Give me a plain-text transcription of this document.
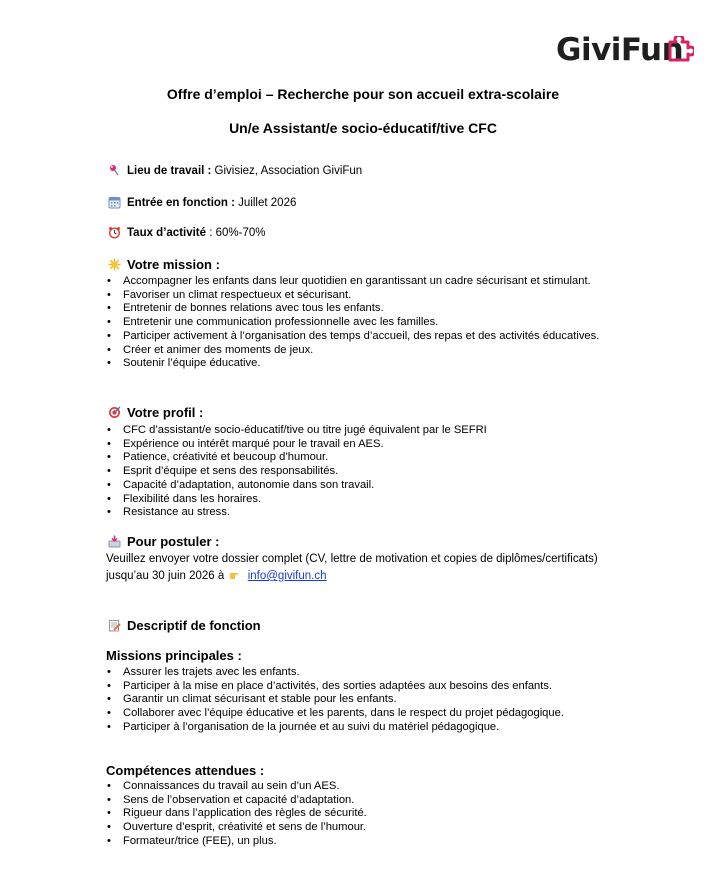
GiviFun
Offre d’emploi – Recherche pour son accueil extra-scolaire
Un/e Assistant/e socio-éducatif/tive CFC
Lieu de travail : Givisiez, Association GiviFun
Entrée en fonction : Juillet 2026
Taux d’activité : 60%-70%
Votre mission :
• Accompagner les enfants dans leur quotidien en garantissant un cadre sécurisant et stimulant.
• Favoriser un climat respectueux et sécurisant.
• Entretenir de bonnes relations avec tous les enfants.
• Entretenir une communication professionnelle avec les familles.
• Participer activement à l’organisation des temps d’accueil, des repas et des activités éducatives.
• Créer et animer des moments de jeux.
• Soutenir l’équipe éducative.
Votre profil :
• CFC d’assistant/e socio-éducatif/tive ou titre jugé équivalent par le SEFRI
• Expérience ou intérêt marqué pour le travail en AES.
• Patience, créativité et beucoup d’humour.
• Esprit d’équipe et sens des responsabilités.
• Capacité d’adaptation, autonomie dans son travail.
• Flexibilité dans les horaires.
• Resistance au stress.
Pour postuler :
Veuillez envoyer votre dossier complet (CV, lettre de motivation et copies de diplômes/certificats)
jusqu’au 30 juin 2026 à  info@givifun.ch
Descriptif de fonction
Missions principales :
• Assurer les trajets avec les enfants.
• Participer à la mise en place d’activités, des sorties adaptées aux besoins des enfants.
• Garantir un climat sécurisant et stable pour les enfants.
• Collaborer avec l’équipe éducative et les parents, dans le respect du projet pédagogique.
• Participer à l’organisation de la journée et au suivi du matériel pédagogique.
Compétences attendues :
• Connaissances du travail au sein d’un AES.
• Sens de l’observation et capacité d’adaptation.
• Rigueur dans l’application des règles de sécurité.
• Ouverture d’esprit, créativité et sens de l’humour.
• Formateur/trice (FEE), un plus.
